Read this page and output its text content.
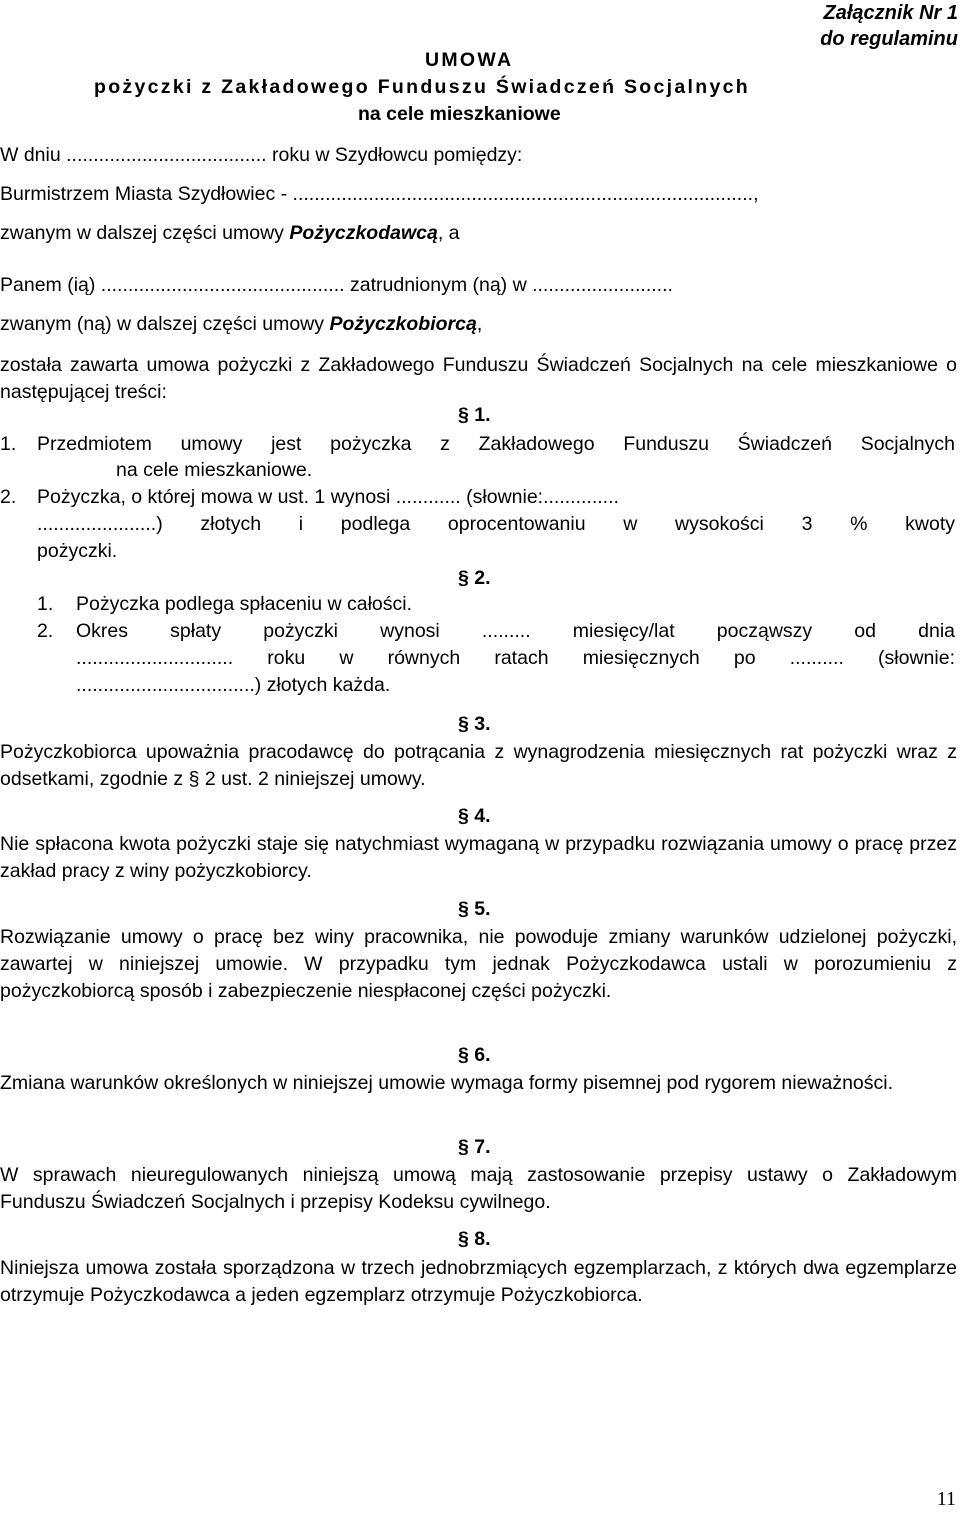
Załącznik Nr 1
do regulaminu
UMOWA
pożyczki z Zakładowego Funduszu Świadczeń Socjalnych
na cele mieszkaniowe
W dniu ..................................... roku w Szydłowcu pomiędzy:
Burmistrzem Miasta Szydłowiec - .....................................................................................,
zwanym w dalszej części umowy Pożyczkodawcą, a
Panem (ią) ............................................. zatrudnionym (ną) w ..........................
zwanym (ną) w dalszej części umowy Pożyczkobiorcą,
została zawarta umowa pożyczki z Zakładowego Funduszu Świadczeń Socjalnych na cele mieszkaniowe o następującej treści:
§ 1.
1. Przedmiotem umowy jest pożyczka z Zakładowego Funduszu Świadczeń Socjalnych
na cele mieszkaniowe.
2. Pożyczka, o której mowa w ust. 1 wynosi ............ (słownie:..............
......................) złotych i podlega oprocentowaniu w wysokości 3 % kwoty
pożyczki.
§ 2.
1. Pożyczka podlega spłaceniu w całości.
2. Okres spłaty pożyczki wynosi ......... miesięcy/lat począwszy od dnia
............................. roku w równych ratach miesięcznych po .......... (słownie:
.................................) złotych każda.
§ 3.
Pożyczkobiorca upoważnia pracodawcę do potrącania z wynagrodzenia miesięcznych rat pożyczki wraz z odsetkami, zgodnie z § 2 ust. 2 niniejszej umowy.
§ 4.
Nie spłacona kwota pożyczki staje się natychmiast wymaganą w przypadku rozwiązania umowy o pracę przez zakład pracy z winy pożyczkobiorcy.
§ 5.
Rozwiązanie umowy o pracę bez winy pracownika, nie powoduje zmiany warunków udzielonej pożyczki, zawartej w niniejszej umowie. W przypadku tym jednak Pożyczkodawca ustali w porozumieniu z pożyczkobiorcą sposób i zabezpieczenie niespłaconej części pożyczki.
§ 6.
Zmiana warunków określonych w niniejszej umowie wymaga formy pisemnej pod rygorem nieważności.
§ 7.
W sprawach nieuregulowanych niniejszą umową mają zastosowanie przepisy ustawy o Zakładowym Funduszu Świadczeń Socjalnych i przepisy Kodeksu cywilnego.
§ 8.
Niniejsza umowa została sporządzona w trzech jednobrzmiących egzemplarzach, z których dwa egzemplarze otrzymuje Pożyczkodawca a jeden egzemplarz otrzymuje Pożyczkobiorca.
11
